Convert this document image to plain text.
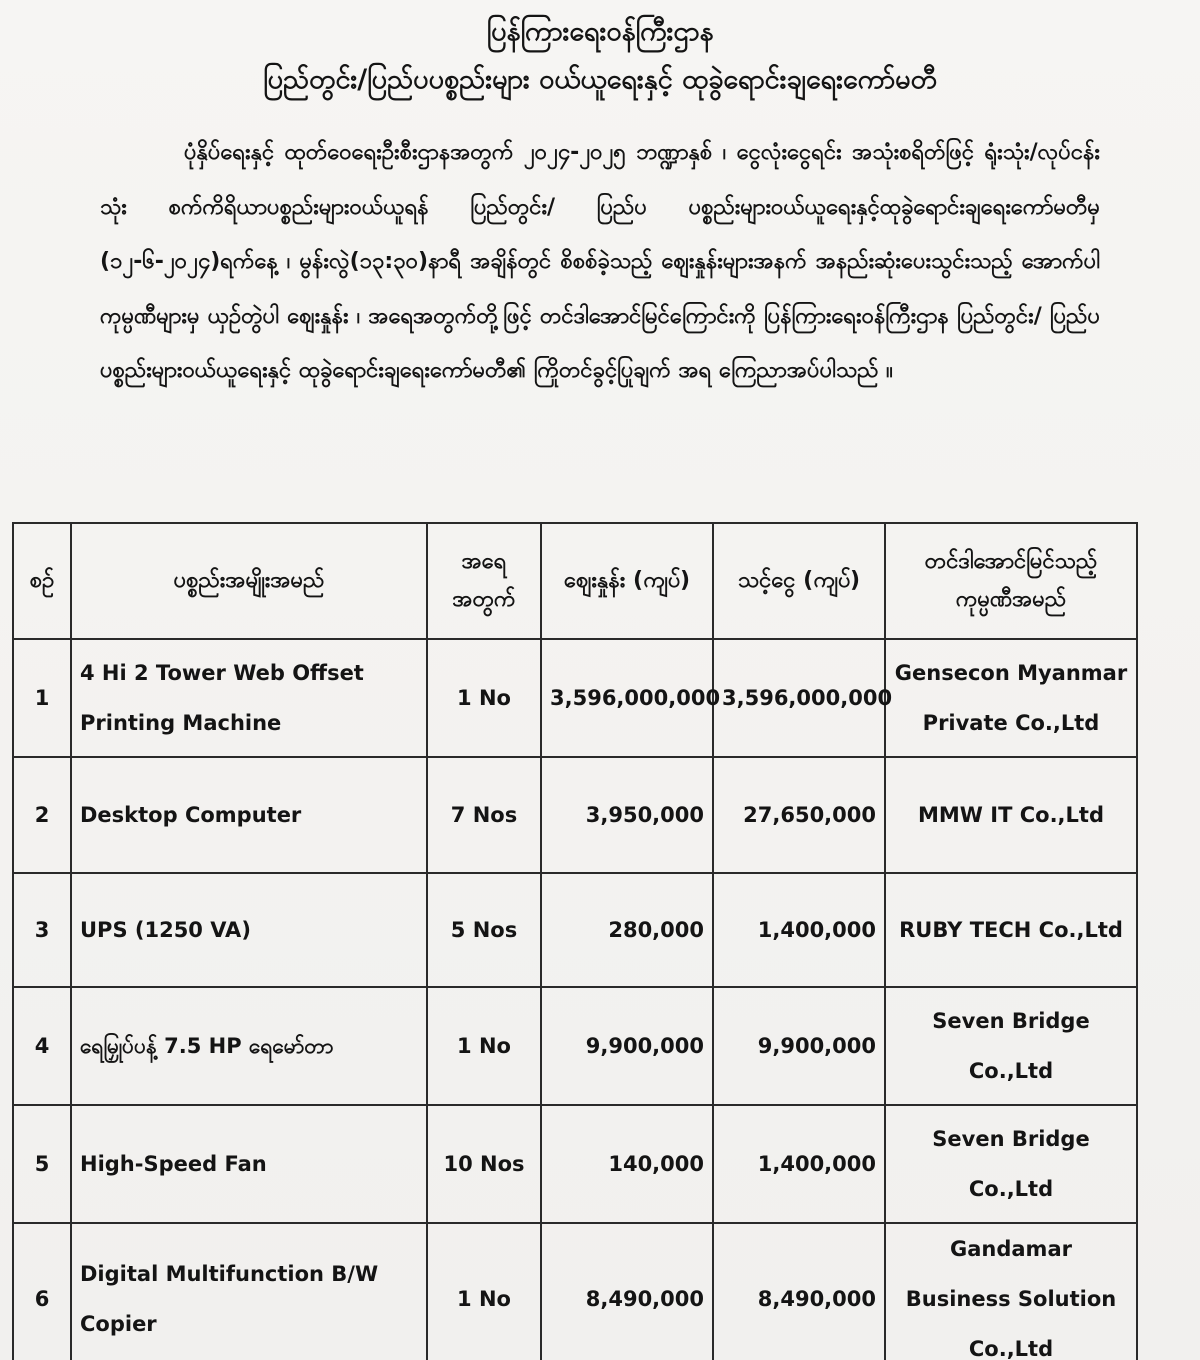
ပြန်ကြားရေးဝန်ကြီးဌာန
ပြည်တွင်း/ပြည်ပပစ္စည်းများ ဝယ်ယူရေးနှင့် ထုခွဲရောင်းချရေးကော်မတီ

ပုံနှိပ်ရေးနှင့် ထုတ်ဝေရေးဦးစီးဌာနအတွက် ၂၀၂၄-၂၀၂၅ ဘဏ္ဍာနှစ် ၊ ငွေလုံးငွေရင်း အသုံးစရိတ်ဖြင့် ရုံးသုံး/လုပ်ငန်းသုံး စက်ကိရိယာပစ္စည်းများဝယ်ယူရန် ပြည်တွင်း/ ပြည်ပ ပစ္စည်းများဝယ်ယူရေးနှင့်ထုခွဲရောင်းချရေးကော်မတီမှ (၁၂-၆-၂၀၂၄)ရက်နေ့ ၊ မွန်းလွဲ(၁၃:၃၀)နာရီ အချိန်တွင် စိစစ်ခဲ့သည့် ဈေးနှုန်းများအနက် အနည်းဆုံးပေးသွင်းသည့် အောက်ပါ ကုမ္ပဏီများမှ ယှဉ်တွဲပါ ဈေးနှုန်း ၊ အရေအတွက်တို့ဖြင့် တင်ဒါအောင်မြင်ကြောင်းကို ပြန်ကြားရေးဝန်ကြီးဌာန ပြည်တွင်း/ ပြည်ပ ပစ္စည်းများဝယ်ယူရေးနှင့် ထုခွဲရောင်းချရေးကော်မတီ၏ ကြိုတင်ခွင့်ပြုချက် အရ ကြေညာအပ်ပါသည် ။

စဉ်	ပစ္စည်းအမျိုးအမည်	အရေ အတွက်	ဈေးနှုန်း (ကျပ်)	သင့်ငွေ (ကျပ်)	တင်ဒါအောင်မြင်သည့် ကုမ္ပဏီအမည်
1	4 Hi 2 Tower Web Offset Printing Machine	1 No	3,596,000,000	3,596,000,000	Gensecon Myanmar Private Co.,Ltd
2	Desktop Computer	7 Nos	3,950,000	27,650,000	MMW IT Co.,Ltd
3	UPS (1250 VA)	5 Nos	280,000	1,400,000	RUBY TECH Co.,Ltd
4	ရေမြှုပ်ပန့် 7.5 HP ရေမော်တာ	1 No	9,900,000	9,900,000	Seven Bridge Co.,Ltd
5	High-Speed Fan	10 Nos	140,000	1,400,000	Seven Bridge Co.,Ltd
6	Digital Multifunction B/W Copier	1 No	8,490,000	8,490,000	Gandamar Business Solution Co.,Ltd
